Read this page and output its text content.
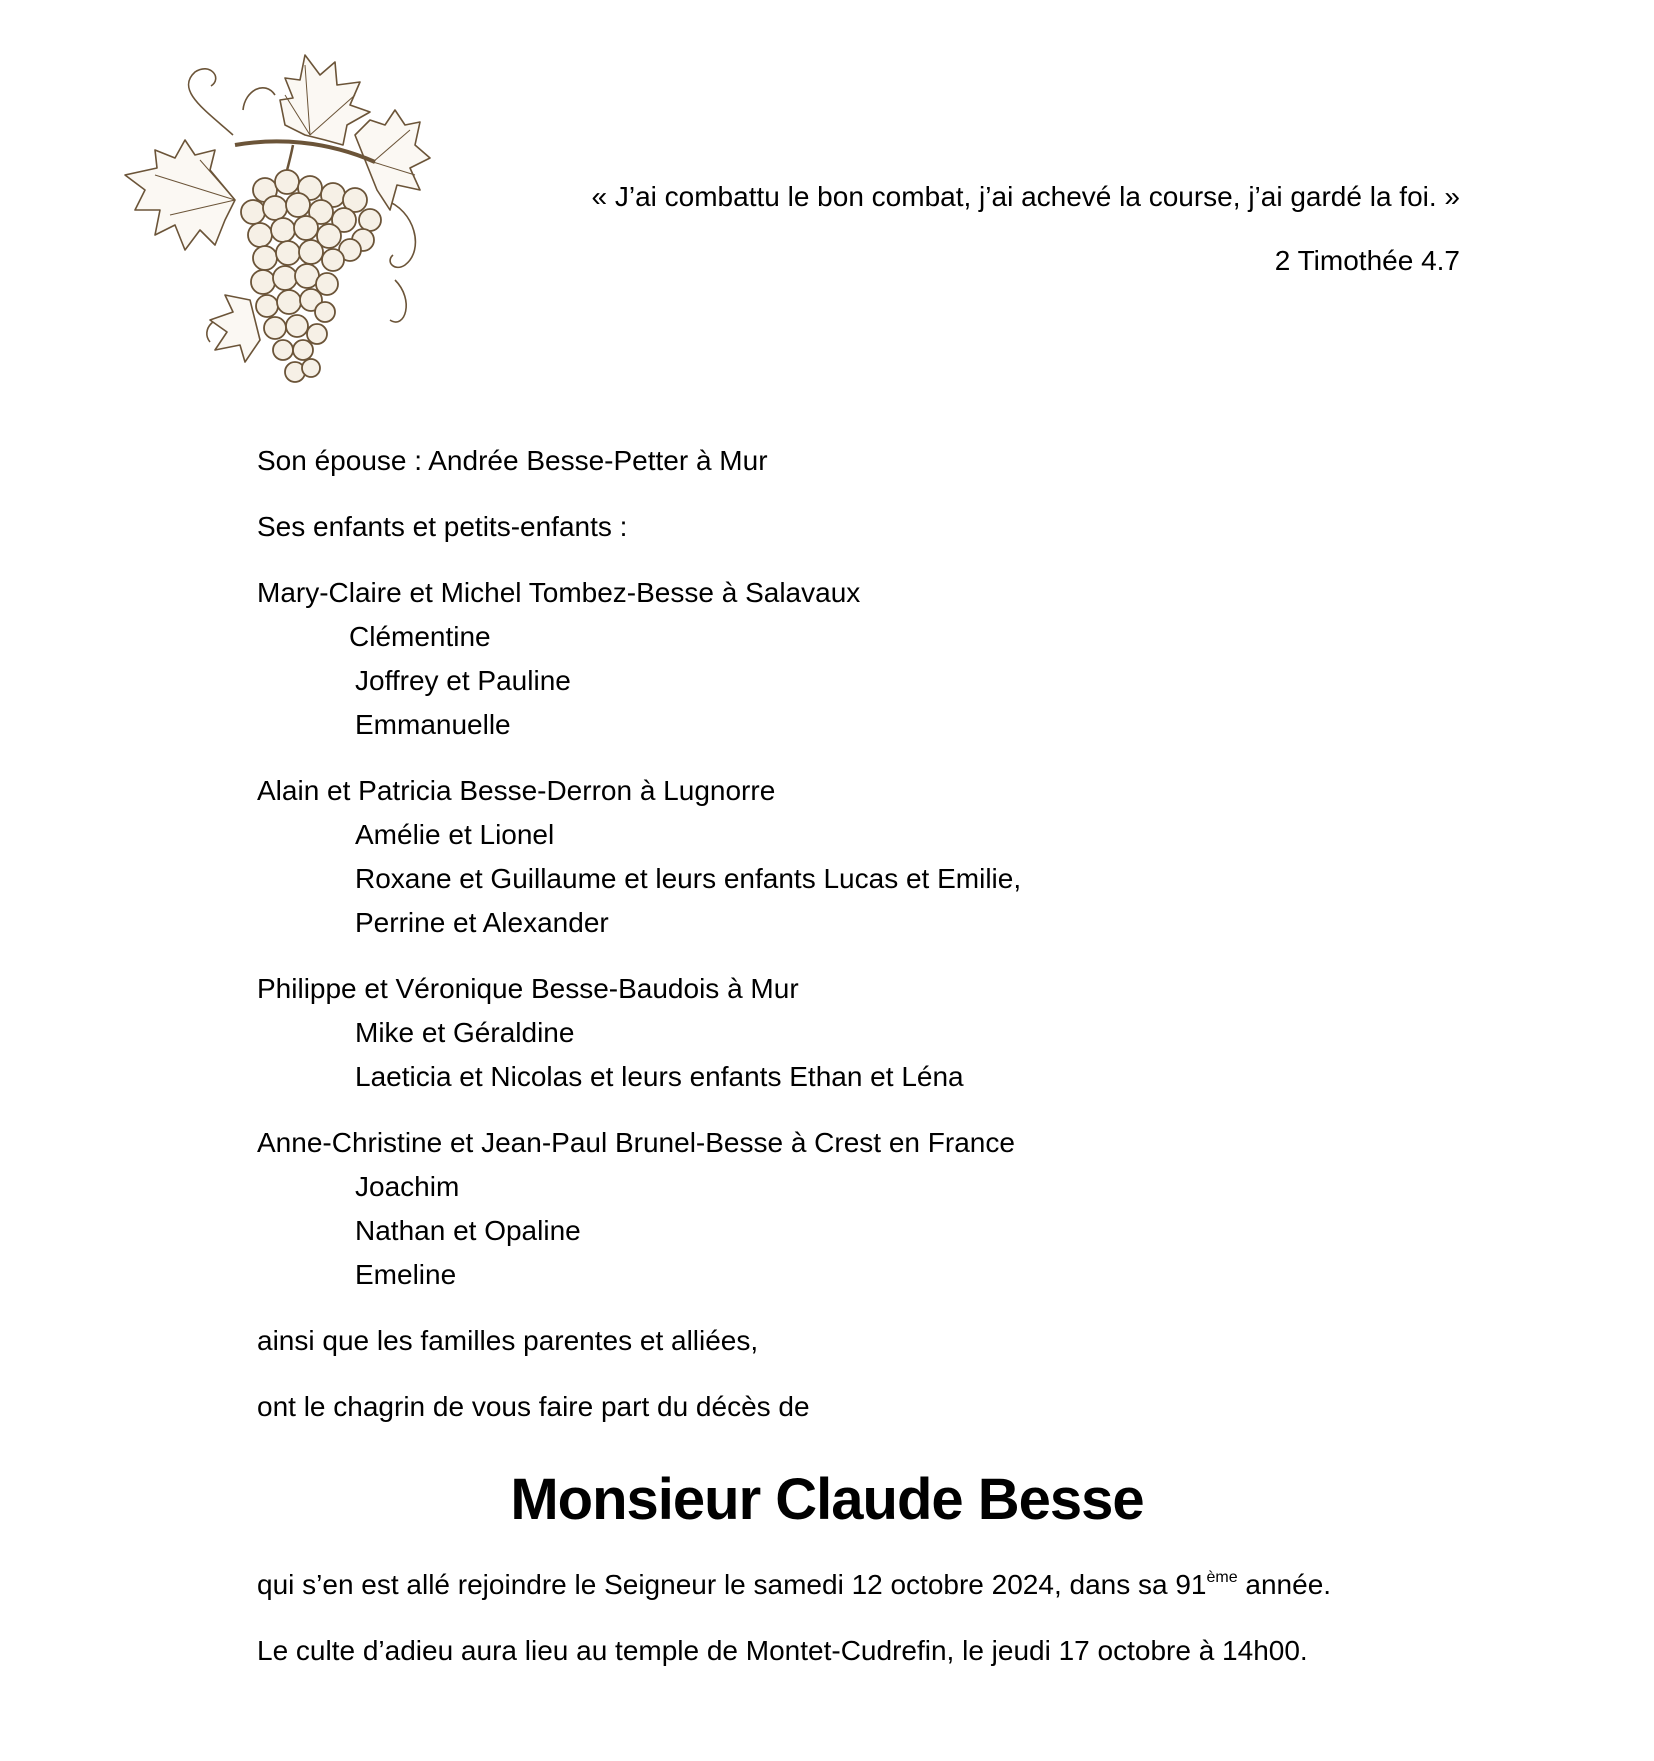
« J’ai combattu le bon combat, j’ai achevé la course, j’ai gardé la foi. »
2 Timothée 4.7
Son épouse : Andrée Besse-Petter à Mur
Ses enfants et petits-enfants :
Mary-Claire et Michel Tombez-Besse à Salavaux
Clémentine
Joffrey et Pauline
Emmanuelle
Alain et Patricia Besse-Derron à Lugnorre
Amélie et Lionel
Roxane et Guillaume et leurs enfants Lucas et Emilie,
Perrine et Alexander
Philippe et Véronique Besse-Baudois à Mur
Mike et Géraldine
Laeticia et Nicolas et leurs enfants Ethan et Léna
Anne-Christine et Jean-Paul Brunel-Besse à Crest en France
Joachim
Nathan et Opaline
Emeline
ainsi que les familles parentes et alliées,
ont le chagrin de vous faire part du décès de
Monsieur Claude Besse
qui s’en est allé rejoindre le Seigneur le samedi 12 octobre 2024, dans sa 91ème année.
Le culte d’adieu aura lieu au temple de Montet-Cudrefin, le jeudi 17 octobre à 14h00.
